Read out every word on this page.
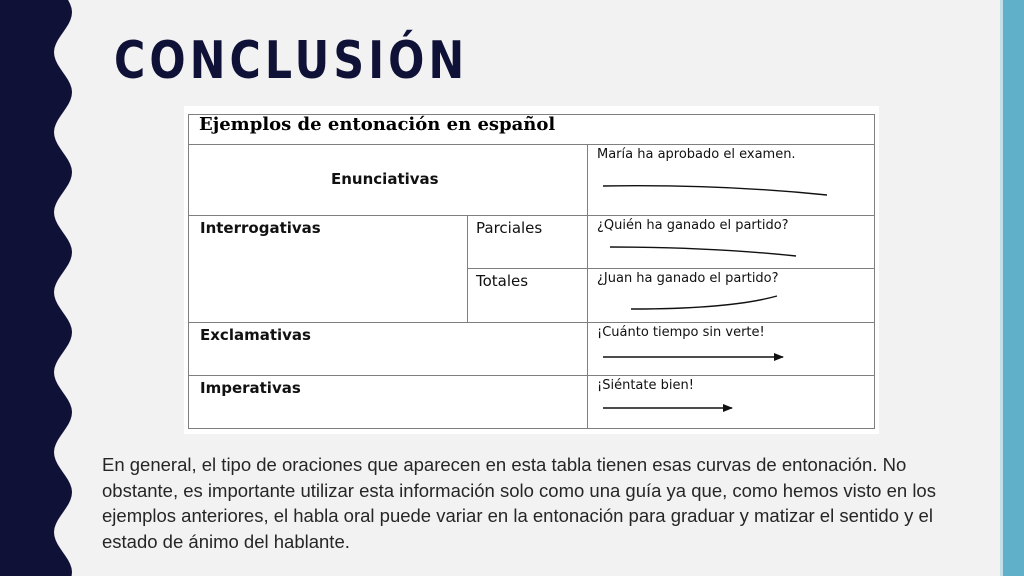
CONCLUSIÓN
Ejemplos de entonación en español
Enunciativas
Interrogativas	Parciales
Totales
Exclamativas
Imperativas
María ha aprobado el examen.
¿Quién ha ganado el partido?
¿Juan ha ganado el partido?
¡Cuánto tiempo sin verte!
¡Siéntate bien!
En general, el tipo de oraciones que aparecen en esta tabla tienen esas curvas de entonación. No obstante, es importante utilizar esta información solo como una guía ya que, como hemos visto en los ejemplos anteriores, el habla oral puede variar en la entonación para graduar y matizar el sentido y el estado de ánimo del hablante.
